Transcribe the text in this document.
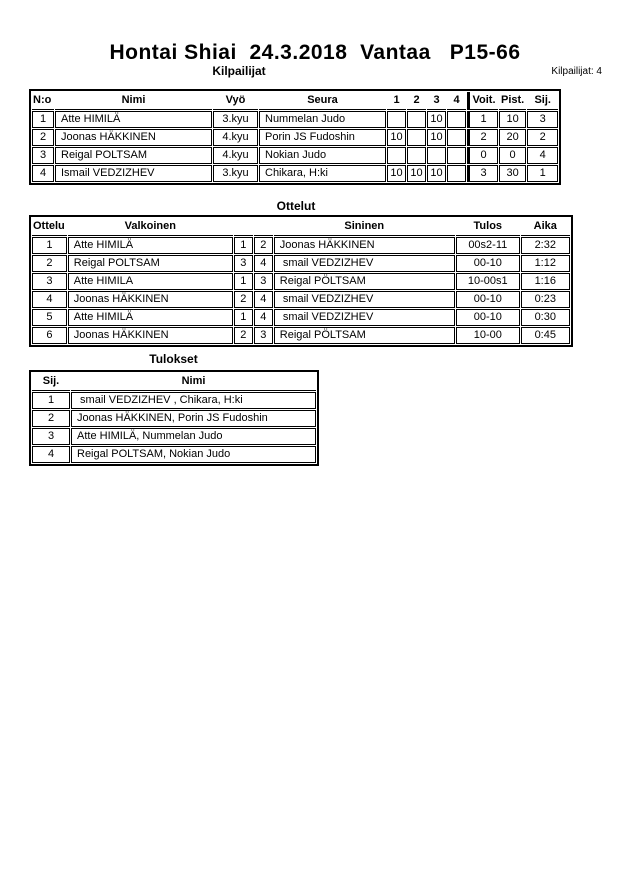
Hontai Shiai  24.3.2018  Vantaa   P15-66
Kilpailijat	Kilpailijat: 4
N:o	Nimi	Vyö	Seura	1	2	3	4	Voit.	Pist.	Sij.
1	Atte HIMILÄ	3.kyu	Nummelan Judo			10		1	10	3
2	Joonas HÄKKINEN	4.kyu	Porin JS Fudoshin	10		10		2	20	2
3	Reigal POLTSAM	4.kyu	Nokian Judo					0	0	4
4	Ismail VEDZIZHEV	3.kyu	Chikara, H:ki	10	10	10		3	30	1
Ottelut
Ottelu	Valkoinen			Sininen	Tulos	Aika
1	Atte HIMILÄ	1	2	Joonas HÄKKINEN	00s2-11	2:32
2	Reigal POLTSAM	3	4	smail VEDZIZHEV	00-10	1:12
3	Atte HIMILA	1	3	Reigal PÖLTSAM	10-00s1	1:16
4	Joonas HÄKKINEN	2	4	smail VEDZIZHEV	00-10	0:23
5	Atte HIMILÄ	1	4	smail VEDZIZHEV	00-10	0:30
6	Joonas HÄKKINEN	2	3	Reigal PÖLTSAM	10-00	0:45
Tulokset
Sij.	Nimi
1	smail VEDZIZHEV , Chikara, H:ki
2	Joonas HÄKKINEN, Porin JS Fudoshin
3	Atte HIMILÄ, Nummelan Judo
4	Reigal POLTSAM, Nokian Judo
